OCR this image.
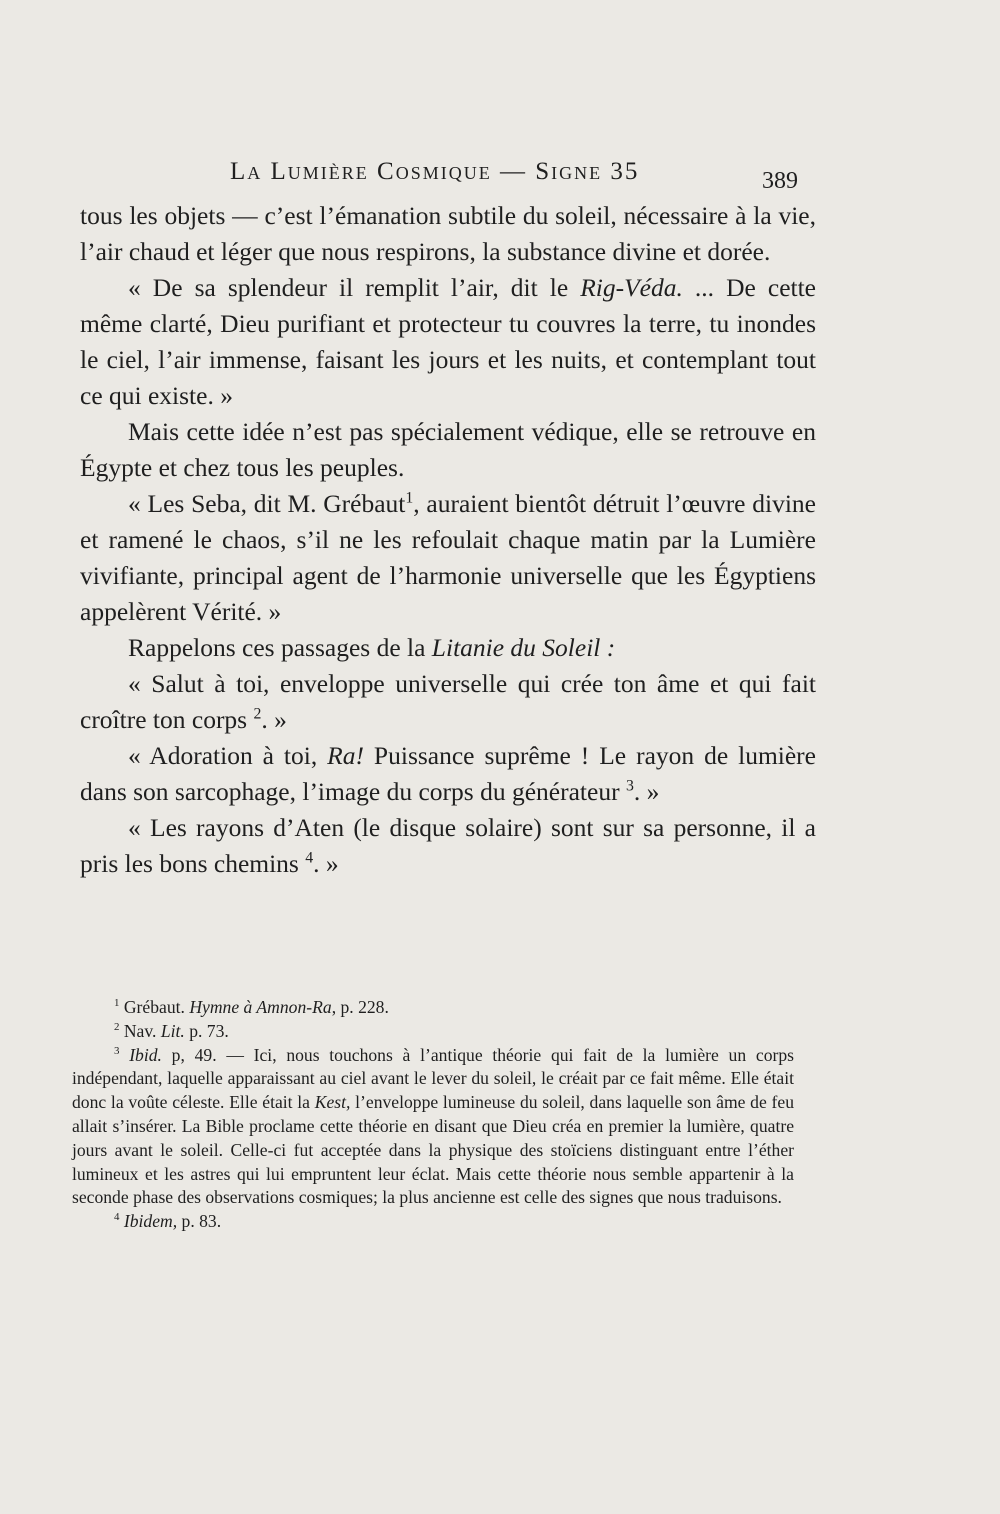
La Lumière Cosmique — Signe 35	389

tous les objets — c’est l’émanation subtile du soleil, nécessaire à la vie, l’air chaud et léger que nous respirons, la substance divine et dorée.

« De sa splendeur il remplit l’air, dit le Rig-Véda. ... De cette même clarté, Dieu purifiant et protecteur tu couvres la terre, tu inondes le ciel, l’air immense, faisant les jours et les nuits, et contemplant tout ce qui existe. »

Mais cette idée n’est pas spécialement védique, elle se retrouve en Égypte et chez tous les peuples.

« Les Seba, dit M. Grébaut$^1$, auraient bientôt détruit l’œuvre divine et ramené le chaos, s’il ne les refoulait chaque matin par la Lumière vivifiante, principal agent de l’harmonie universelle que les Égyptiens appelèrent Vérité. »

Rappelons ces passages de la Litanie du Soleil :

« Salut à toi, enveloppe universelle qui crée ton âme et qui fait croître ton corps $^2$. »

« Adoration à toi, Ra! Puissance suprême ! Le rayon de lumière dans son sarcophage, l’image du corps du générateur $^3$. »

« Les rayons d’Aten (le disque solaire) sont sur sa personne, il a pris les bons chemins $^4$. »

$^1$ Grébaut. Hymne à Amnon-Ra, p. 228.

$^2$ Nav. Lit. p. 73.

$^3$ Ibid. p, 49. — Ici, nous touchons à l’antique théorie qui fait de la lumière un corps indépendant, laquelle apparaissant au ciel avant le lever du soleil, le créait par ce fait même. Elle était donc la voûte céleste. Elle était la Kest, l’enveloppe lumineuse du soleil, dans laquelle son âme de feu allait s’insérer. La Bible proclame cette théorie en disant que Dieu créa en premier la lumière, quatre jours avant le soleil. Celle-ci fut acceptée dans la physique des stoïciens distinguant entre l’éther lumineux et les astres qui lui empruntent leur éclat. Mais cette théorie nous semble appartenir à la seconde phase des observations cosmiques; la plus ancienne est celle des signes que nous traduisons.

$^4$ Ibidem, p. 83.
